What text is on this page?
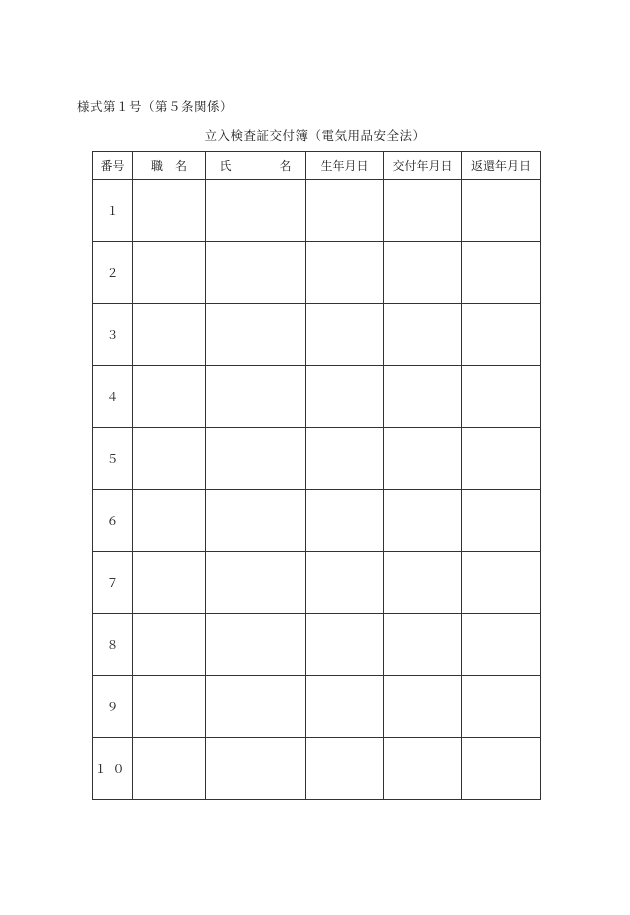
様式第１号（第５条関係）
立入検査証交付簿（電気用品安全法）
番号	職　名	氏　　　　名	生年月日	交付年月日	返還年月日
１					
２					
３					
４					
５					
６					
７					
８					
９					
１０					
